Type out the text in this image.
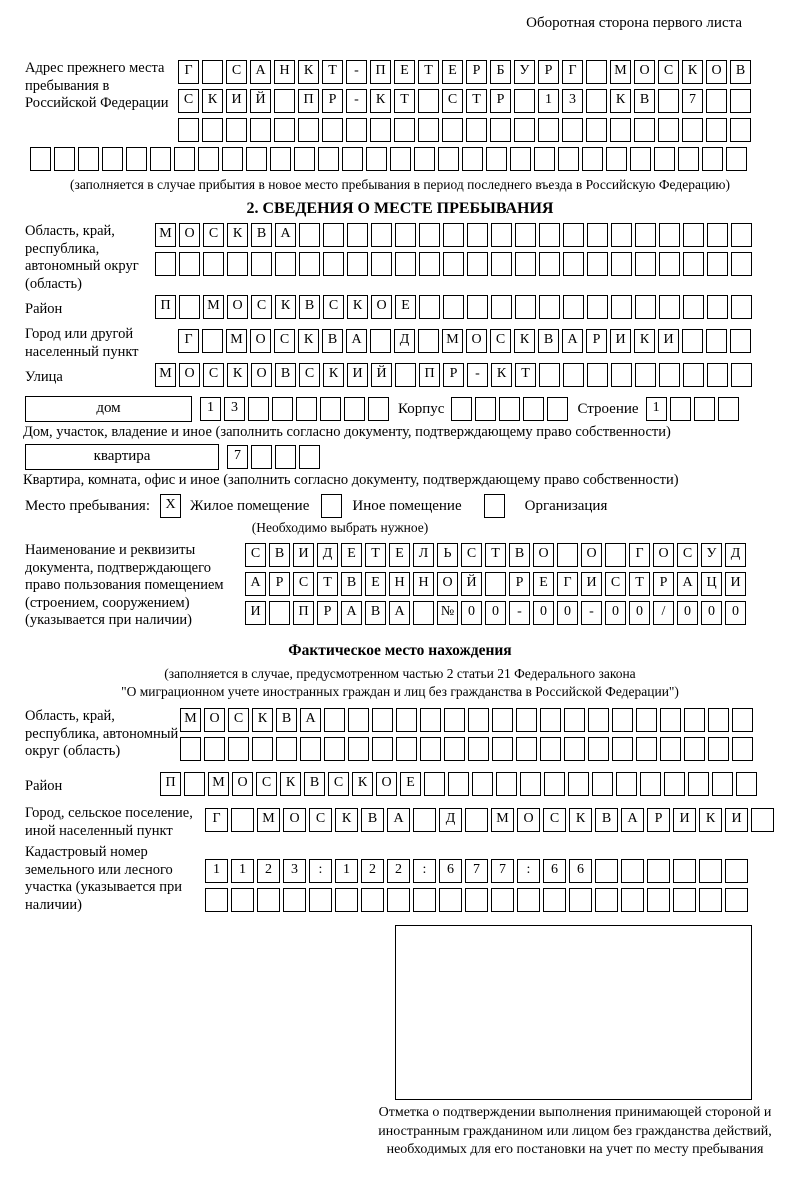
Оборотная сторона первого листа
Адрес прежнего места пребывания в Российской Федерации
Г	С А Н К Т - П Е Т Е Р Б У Р Г	М О С К О В
С К И Й	П Р - К Т	С Т Р	1 3	К В	7
(заполняется в случае прибытия в новое место пребывания в период последнего въезда в Российскую Федерацию)
2. СВЕДЕНИЯ О МЕСТЕ ПРЕБЫВАНИЯ
Область, край, республика, автономный округ (область)
М О С К В А
Район	П	М О С К В С К О Е
Город или другой населенный пункт
Г	М О С К В А	Д	М О С К В А Р И К И
Улица	М О С К О В С К И Й	П Р - К Т
дом	1 3	Корпус	Строение	1
Дом, участок, владение и иное (заполнить согласно документу, подтверждающему право собственности)
квартира	7
Квартира, комната, офис и иное (заполнить согласно документу, подтверждающему право собственности)
Место пребывания:	Х Жилое помещение	Иное помещение	Организация
(Необходимо выбрать нужное)
Наименование и реквизиты документа, подтверждающего право пользования помещением (строением, сооружением) (указывается при наличии)
С В И Д Е Т Е Л Ь С Т В О	О	Г О С У Д
А Р С Т В Е Н Н О Й	Р Е Г И С Т Р А Ц И
И	П Р А В А	№ 0 0 - 0 0 - 0 0 / 0 0 0
Фактическое место нахождения
(заполняется в случае, предусмотренном частью 2 статьи 21 Федерального закона
"О миграционном учете иностранных граждан и лиц без гражданства в Российской Федерации")
Область, край, республика, автономный округ (область)
М О С К В А
Район	П	М О С К В С К О Е
Город, сельское поселение, иной населенный пункт
Г	М О С К В А	Д	М О С К В А Р И К И
Кадастровый номер земельного или лесного участка (указывается при наличии)
1 1 2 3 : 1 2 2 : 6 7 7 : 6 6
Отметка о подтверждении выполнения принимающей стороной и иностранным гражданином или лицом без гражданства действий, необходимых для его постановки на учет по месту пребывания
